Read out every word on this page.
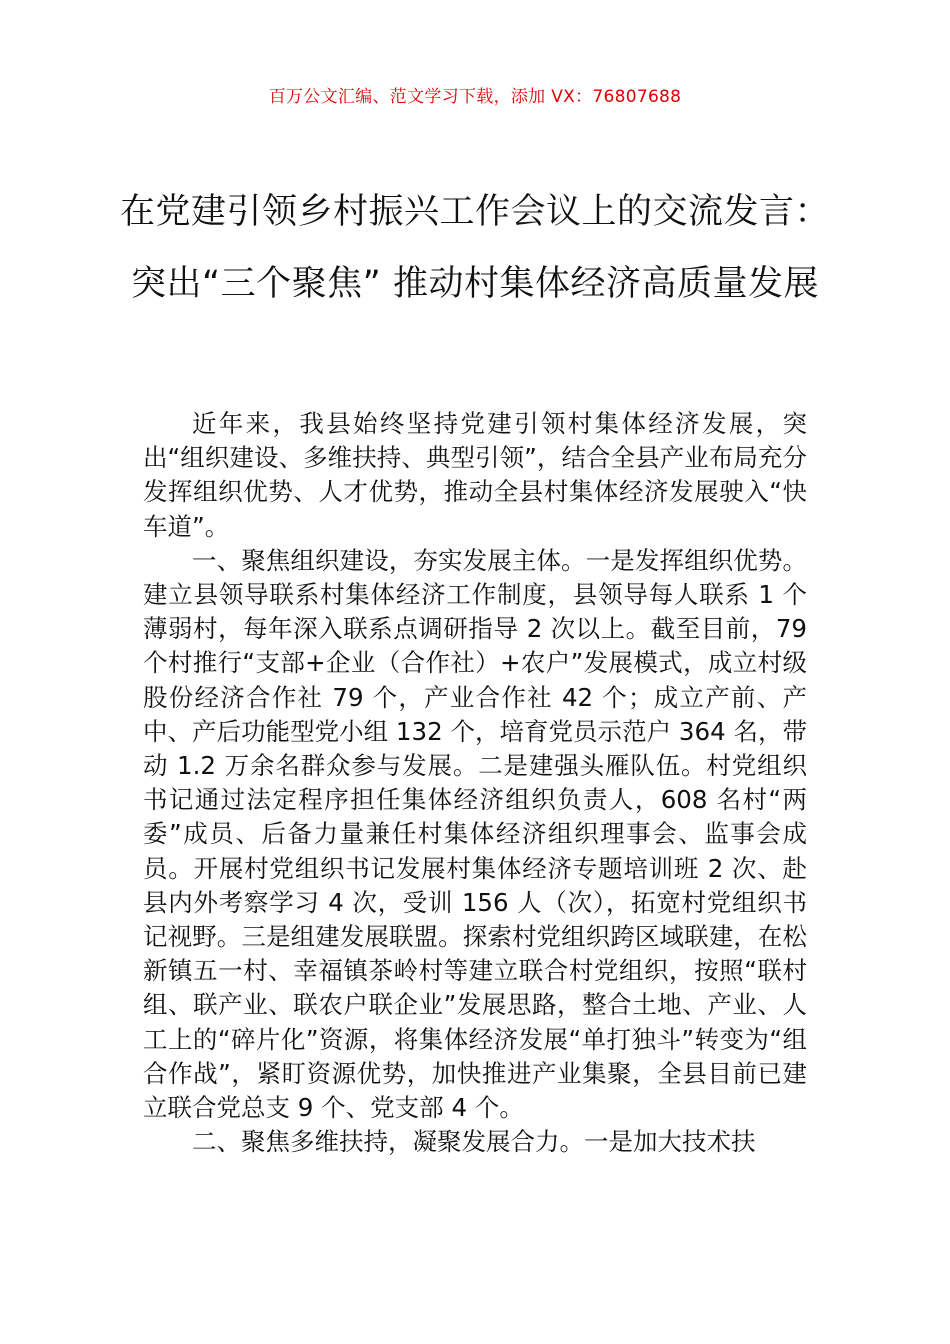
百万公文汇编、范文学习下载，添加 VX：76807688
在党建引领乡村振兴工作会议上的交流发言：突出“三个聚焦” 推动村集体经济高质量发展

近年来，我县始终坚持党建引领村集体经济发展，突出“组织建设、多维扶持、典型引领”，结合全县产业布局充分发挥组织优势、人才优势，推动全县村集体经济发展驶入“快车道”。

一、聚焦组织建设，夯实发展主体。一是发挥组织优势。建立县领导联系村集体经济工作制度，县领导每人联系 1 个薄弱村，每年深入联系点调研指导 2 次以上。截至目前，79 个村推行“支部+企业（合作社）+农户”发展模式，成立村级股份经济合作社 79 个，产业合作社 42 个；成立产前、产中、产后功能型党小组 132 个，培育党员示范户 364 名，带动 1.2 万余名群众参与发展。二是建强头雁队伍。村党组织书记通过法定程序担任集体经济组织负责人，608 名村“两委”成员、后备力量兼任村集体经济组织理事会、监事会成员。开展村党组织书记发展村集体经济专题培训班 2 次、赴县内外考察学习 4 次，受训 156 人（次），拓宽村党组织书记视野。三是组建发展联盟。探索村党组织跨区域联建，在松新镇五一村、幸福镇茶岭村等建立联合村党组织，按照“联村组、联产业、联农户联企业”发展思路，整合土地、产业、人工上的“碎片化”资源，将集体经济发展“单打独斗”转变为“组合作战”，紧盯资源优势，加快推进产业集聚，全县目前已建立联合党总支 9 个、党支部 4 个。

二、聚焦多维扶持，凝聚发展合力。一是加大技术扶
